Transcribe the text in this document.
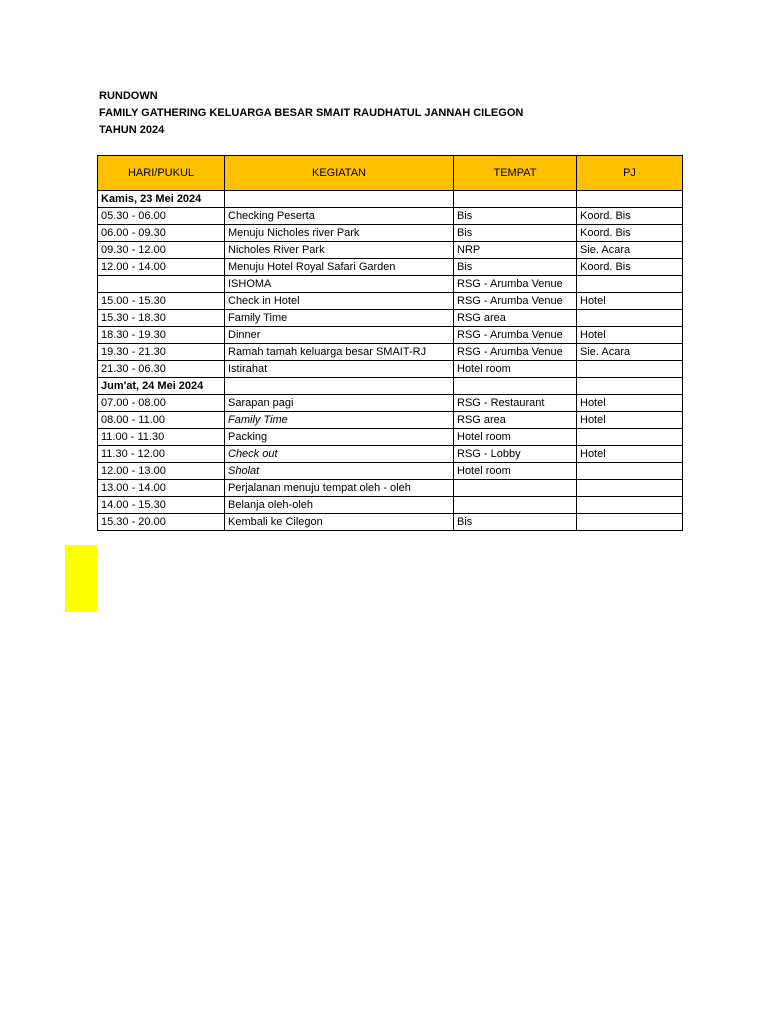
RUNDOWN
FAMILY GATHERING KELUARGA BESAR SMAIT RAUDHATUL JANNAH CILEGON
TAHUN 2024
HARI/PUKUL	KEGIATAN	TEMPAT	PJ
Kamis, 23 Mei 2024			
05.30 - 06.00	Checking Peserta	Bis	Koord. Bis
06.00 - 09.30	Menuju Nicholes river Park	Bis	Koord. Bis
09.30 - 12.00	Nicholes River Park	NRP	Sie. Acara
12.00 - 14.00	Menuju Hotel Royal Safari Garden	Bis	Koord. Bis
	ISHOMA	RSG - Arumba Venue	
15.00 - 15.30	Check in Hotel	RSG - Arumba Venue	Hotel
15.30 - 18.30	Family Time	RSG area	
18.30 - 19.30	Dinner	RSG - Arumba Venue	Hotel
19.30 - 21.30	Ramah tamah keluarga besar SMAIT-RJ	RSG - Arumba Venue	Sie. Acara
21.30 - 06.30	Istirahat	Hotel room	
Jum'at, 24 Mei 2024			
07.00 - 08.00	Sarapan pagi	RSG - Restaurant	Hotel
08.00 - 11.00	Family Time	RSG area	Hotel
11.00 - 11.30	Packing	Hotel room	
11.30 - 12.00	Check out	RSG - Lobby	Hotel
12.00 - 13.00	Sholat	Hotel room	
13.00 - 14.00	Perjalanan menuju tempat oleh - oleh		
14.00 - 15.30	Belanja oleh-oleh		
15.30 - 20.00	Kembali ke Cilegon	Bis	
